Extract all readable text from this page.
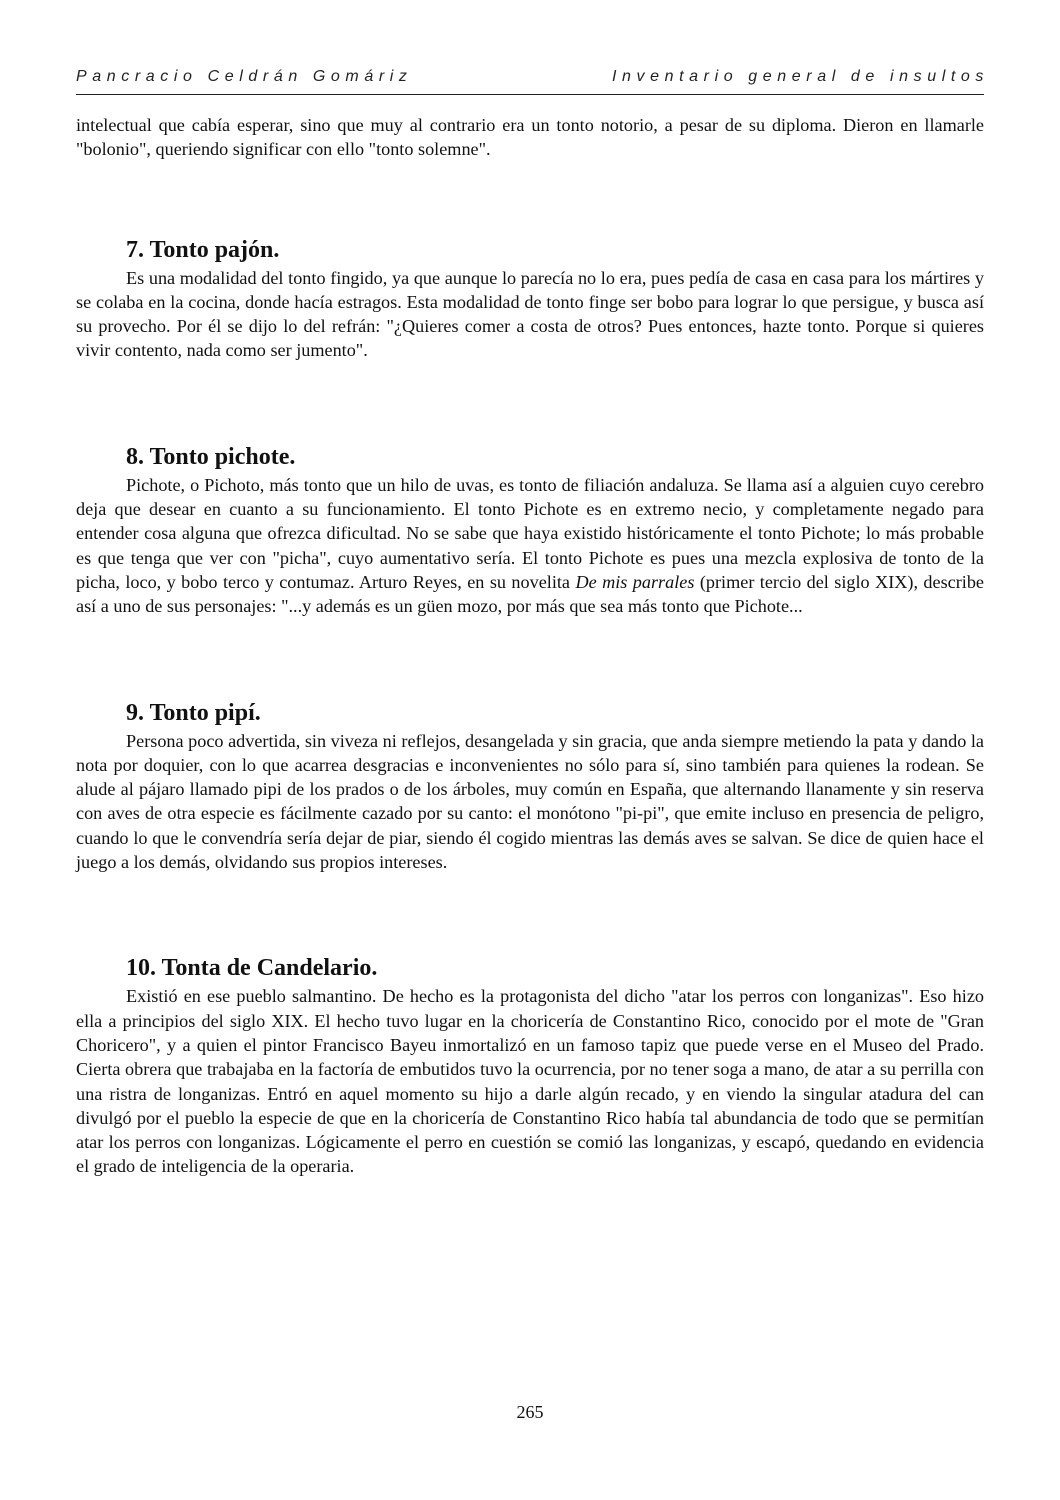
Pancracio Celdrán Gomáriz	Inventario general de insultos

intelectual que cabía esperar, sino que muy al contrario era un tonto notorio, a pesar de su diploma. Dieron en llamarle "bolonio", queriendo significar con ello "tonto solemne".

7. Tonto pajón.

Es una modalidad del tonto fingido, ya que aunque lo parecía no lo era, pues pedía de casa en casa para los mártires y se colaba en la cocina, donde hacía estragos. Esta modalidad de tonto finge ser bobo para lograr lo que persigue, y busca así su provecho. Por él se dijo lo del refrán: "¿Quieres comer a costa de otros? Pues entonces, hazte tonto. Porque si quieres vivir contento, nada como ser jumento".

8. Tonto pichote.

Pichote, o Pichoto, más tonto que un hilo de uvas, es tonto de filiación andaluza. Se llama así a alguien cuyo cerebro deja que desear en cuanto a su funcionamiento. El tonto Pichote es en extremo necio, y completamente negado para entender cosa alguna que ofrezca dificultad. No se sabe que haya existido históricamente el tonto Pichote; lo más probable es que tenga que ver con "picha", cuyo aumentativo sería. El tonto Pichote es pues una mezcla explosiva de tonto de la picha, loco, y bobo terco y contumaz. Arturo Reyes, en su novelita De mis parrales (primer tercio del siglo XIX), describe así a uno de sus personajes: "...y además es un güen mozo, por más que sea más tonto que Pichote...

9. Tonto pipí.

Persona poco advertida, sin viveza ni reflejos, desangelada y sin gracia, que anda siempre metiendo la pata y dando la nota por doquier, con lo que acarrea desgracias e inconvenientes no sólo para sí, sino también para quienes la rodean. Se alude al pájaro llamado pipi de los prados o de los árboles, muy común en España, que alternando llanamente y sin reserva con aves de otra especie es fácilmente cazado por su canto: el monótono "pi-pi", que emite incluso en presencia de peligro, cuando lo que le convendría sería dejar de piar, siendo él cogido mientras las demás aves se salvan. Se dice de quien hace el juego a los demás, olvidando sus propios intereses.

10. Tonta de Candelario.

Existió en ese pueblo salmantino. De hecho es la protagonista del dicho "atar los perros con longanizas". Eso hizo ella a principios del siglo XIX. El hecho tuvo lugar en la choricería de Constantino Rico, conocido por el mote de "Gran Choricero", y a quien el pintor Francisco Bayeu inmortalizó en un famoso tapiz que puede verse en el Museo del Prado. Cierta obrera que trabajaba en la factoría de embutidos tuvo la ocurrencia, por no tener soga a mano, de atar a su perrilla con una ristra de longanizas. Entró en aquel momento su hijo a darle algún recado, y en viendo la singular atadura del can divulgó por el pueblo la especie de que en la choricería de Constantino Rico había tal abundancia de todo que se permitían atar los perros con longanizas. Lógicamente el perro en cuestión se comió las longanizas, y escapó, quedando en evidencia el grado de inteligencia de la operaria.

265
